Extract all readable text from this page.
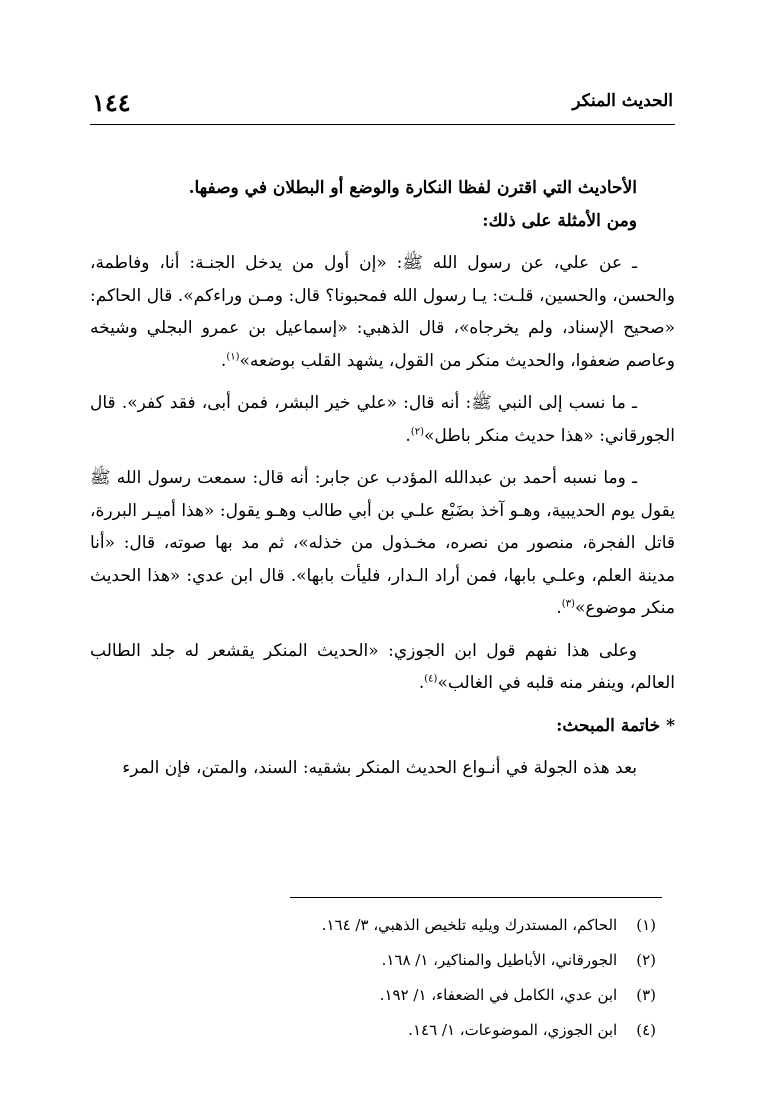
١٤٤	الحديث المنكر

الأحاديث التي اقترن لفظا النكارة والوضع أو البطلان في وصفها.

ومن الأمثلة على ذلك:

ـ عن علي، عن رسول الله ﷺ: «إن أول من يدخل الجنـة: أنا، وفاطمة، والحسن، والحسين، قلـت: يـا رسول الله فمحبونا؟ قال: ومـن وراءكم». قال الحاكم: «صحيح الإسناد، ولم يخرجاه»، قال الذهبي: «إسماعيل بن عمرو البجلي وشيخه وعاصم ضعفوا، والحديث منكر من القول، يشهد القلب بوضعه»$^{(١)}$.

ـ ما نسب إلى النبي ﷺ: أنه قال: «علي خير البشر، فمن أبى، فقد كفر». قال الجورقاني: «هذا حديث منكر باطل»$^{(٢)}$.

ـ وما نسبه أحمد بن عبدالله المؤدب عن جابر: أنه قال: سمعت رسول الله ﷺ يقول يوم الحديبية، وهـو آخذ بضَبْع علـي بن أبي طالب وهـو يقول: «هذا أميـر البررة، قاتل الفجرة، منصور من نصره، مخـذول من خذله»، ثم مد بها صوته، قال: «أنا مدينة العلم، وعلـي بابها، فمن أراد الـدار، فليأت بابها». قال ابن عدي: «هذا الحديث منكر موضوع»$^{(٣)}$.

وعلى هذا نفهم قول ابن الجوزي: «الحديث المنكر يقشعر له جلد الطالب العالم، وينفر منه قلبه في الغالب»$^{(٤)}$.

* خاتمة المبحث:

بعد هذه الجولة في أنـواع الحديث المنكر بشقيه: السند، والمتن، فإن المرء

(١) الحاكم، المستدرك ويليه تلخيص الذهبي، ٣/ ١٦٤.
(٢) الجورقاني، الأباطيل والمناكير، ١/ ١٦٨.
(٣) ابن عدي، الكامل في الضعفاء، ١/ ١٩٢.
(٤) ابن الجوزي، الموضوعات، ١/ ١٤٦.
